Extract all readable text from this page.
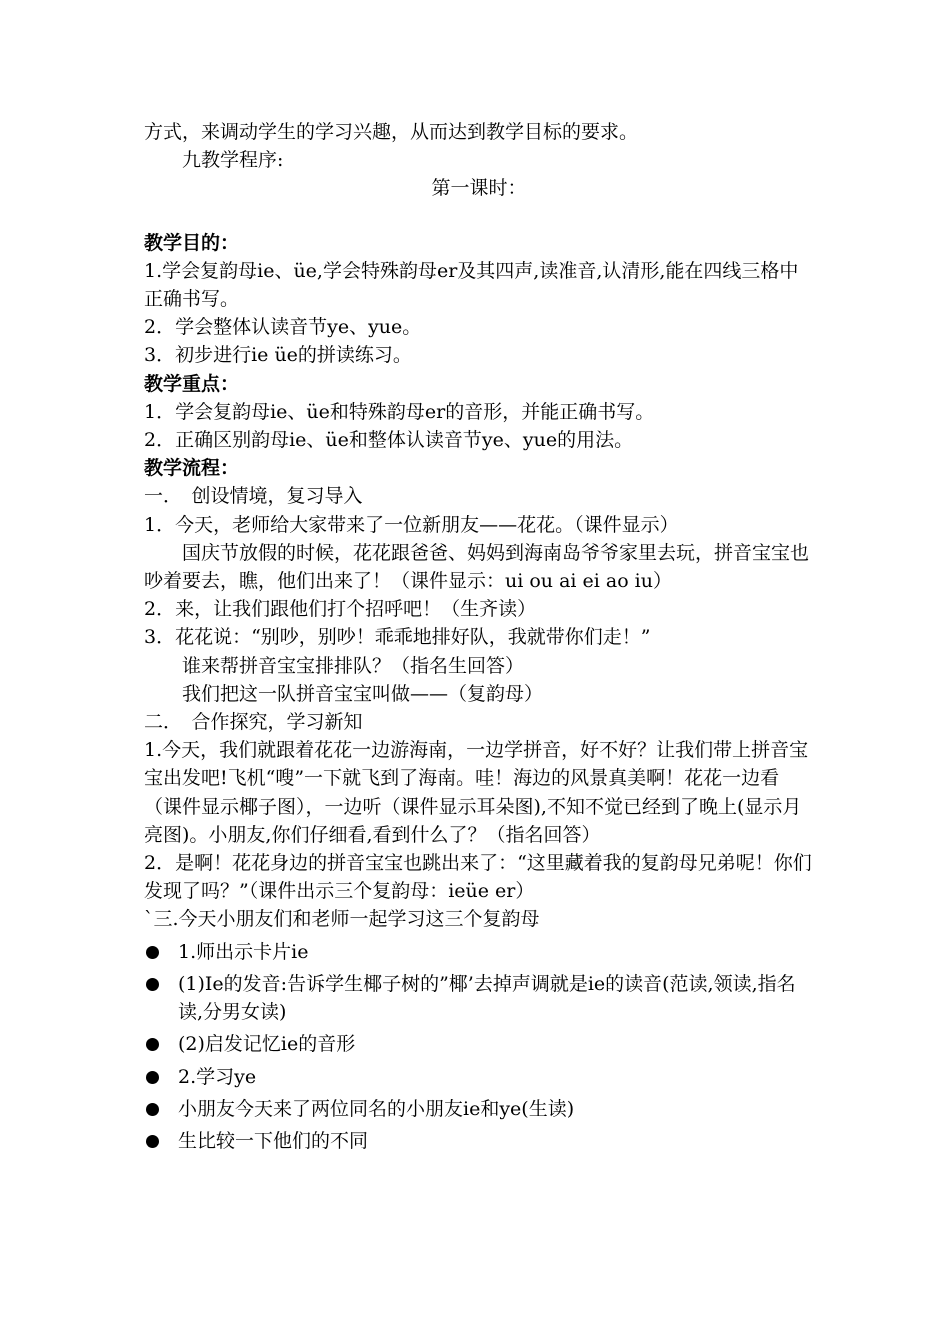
方式，来调动学生的学习兴趣，从而达到教学目标的要求。

九教学程序:

第一课时：

教学目的：

1.学会复韵母ie、üe,学会特殊韵母er及其四声,读准音,认清形,能在四线三格中正确书写。

2．学会整体认读音节ye、yue。

3．初步进行ie üe的拼读练习。

教学重点：

1．学会复韵母ie、üe和特殊韵母er的音形，并能正确书写。

2．正确区别韵母ie、üe和整体认读音节ye、yue的用法。

教学流程：

一．　创设情境，复习导入

1．今天，老师给大家带来了一位新朋友——花花。（课件显示）

国庆节放假的时候，花花跟爸爸、妈妈到海南岛爷爷家里去玩，拼音宝宝也吵着要去，瞧，他们出来了！（课件显示：ui ou ai ei ao iu）

2．来，让我们跟他们打个招呼吧！（生齐读）

3．花花说：“别吵，别吵！乖乖地排好队，我就带你们走！”

谁来帮拼音宝宝排排队？（指名生回答）

我们把这一队拼音宝宝叫做——（复韵母）

二．　合作探究，学习新知

1.今天，我们就跟着花花一边游海南，一边学拼音，好不好？让我们带上拼音宝宝出发吧!飞机“嗖”一下就飞到了海南。哇！海边的风景真美啊！花花一边看（课件显示椰子图），一边听（课件显示耳朵图),不知不觉已经到了晚上(显示月亮图)。小朋友,你们仔细看,看到什么了？（指名回答）

2．是啊！花花身边的拼音宝宝也跳出来了：“这里藏着我的复韵母兄弟呢！你们发现了吗？”（课件出示三个复韵母：ieüe er）

`三.今天小朋友们和老师一起学习这三个复韵母

1.师出示卡片ie
(1)Ie的发音:告诉学生椰子树的”椰’去掉声调就是ie的读音(范读,领读,指名读,分男女读)
(2)启发记忆ie的音形
2.学习ye
小朋友今天来了两位同名的小朋友ie和ye(生读)
生比较一下他们的不同
